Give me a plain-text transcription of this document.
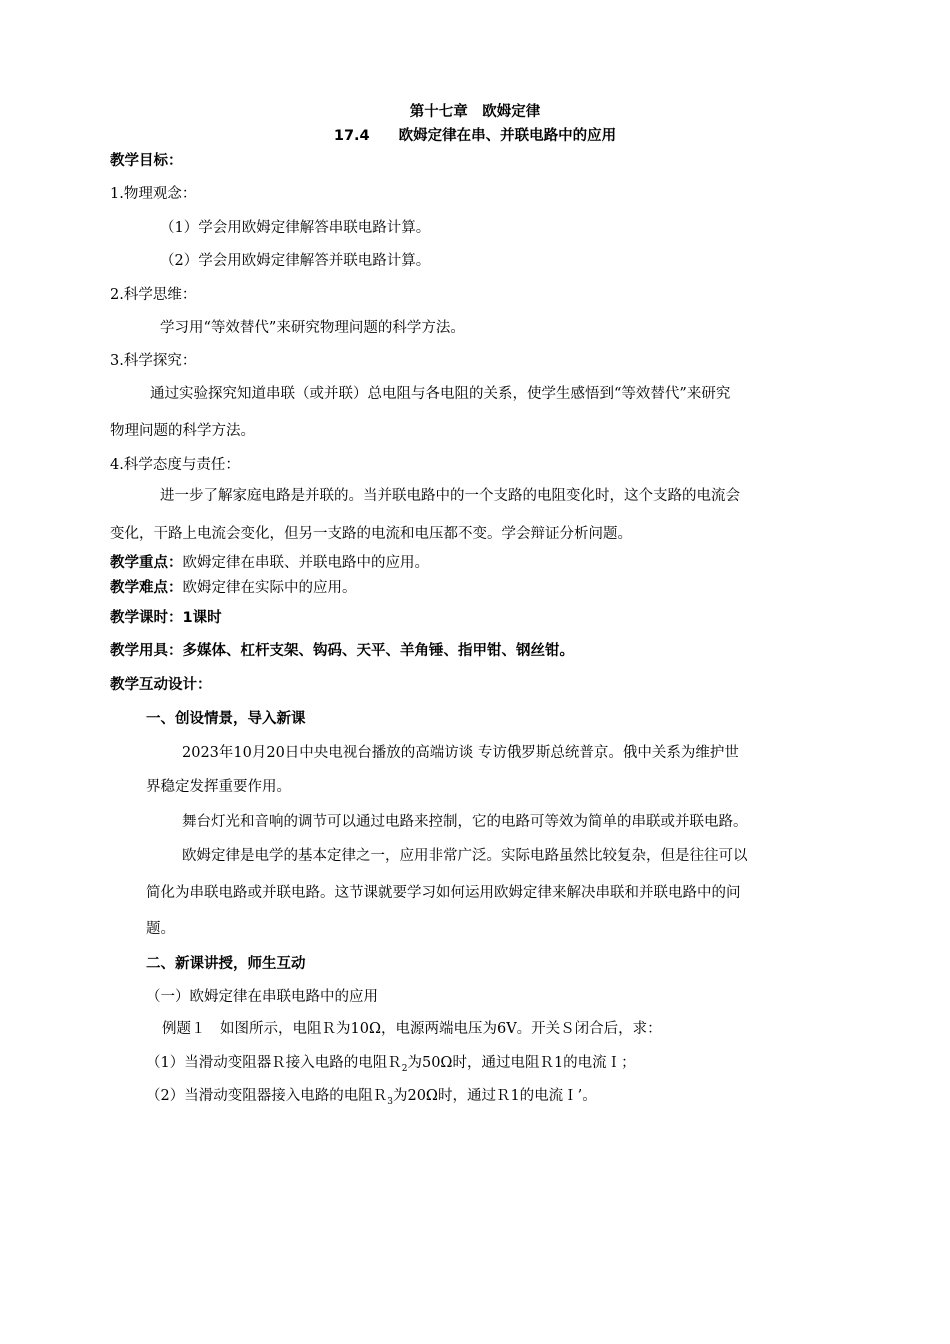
第十七章　欧姆定律
17.4　　欧姆定律在串、并联电路中的应用
教学目标：
1.物理观念：
（1）学会用欧姆定律解答串联电路计算。
（2）学会用欧姆定律解答并联电路计算。
2.科学思维：
学习用“等效替代”来研究物理问题的科学方法。
3.科学探究：
通过实验探究知道串联（或并联）总电阻与各电阻的关系，使学生感悟到“等效替代”来研究
物理问题的科学方法。
4.科学态度与责任：
进一步了解家庭电路是并联的。当并联电路中的一个支路的电阻变化时，这个支路的电流会
变化，干路上电流会变化，但另一支路的电流和电压都不变。学会辩证分析问题。
教学重点：欧姆定律在串联、并联电路中的应用。
教学难点：欧姆定律在实际中的应用。
教学课时：1课时
教学用具：多媒体、杠杆支架、钩码、天平、羊角锤、指甲钳、钢丝钳。
教学互动设计：
一、创设情景，导入新课
2023年10月20日中央电视台播放的高端访谈 专访俄罗斯总统普京。俄中关系为维护世
界稳定发挥重要作用。
舞台灯光和音响的调节可以通过电路来控制，它的电路可等效为简单的串联或并联电路。
欧姆定律是电学的基本定律之一，应用非常广泛。实际电路虽然比较复杂，但是往往可以
简化为串联电路或并联电路。这节课就要学习如何运用欧姆定律来解决串联和并联电路中的问
题。
二、新课讲授，师生互动
（一）欧姆定律在串联电路中的应用
例题１　如图所示，电阻Ｒ为10Ω，电源两端电压为6V。开关Ｓ闭合后，求：
（1）当滑动变阻器Ｒ接入电路的电阻Ｒ$_2$为50Ω时，通过电阻Ｒ1的电流Ｉ；
（2）当滑动变阻器接入电路的电阻Ｒ$_3$为20Ω时，通过Ｒ1的电流Ｉ’。
